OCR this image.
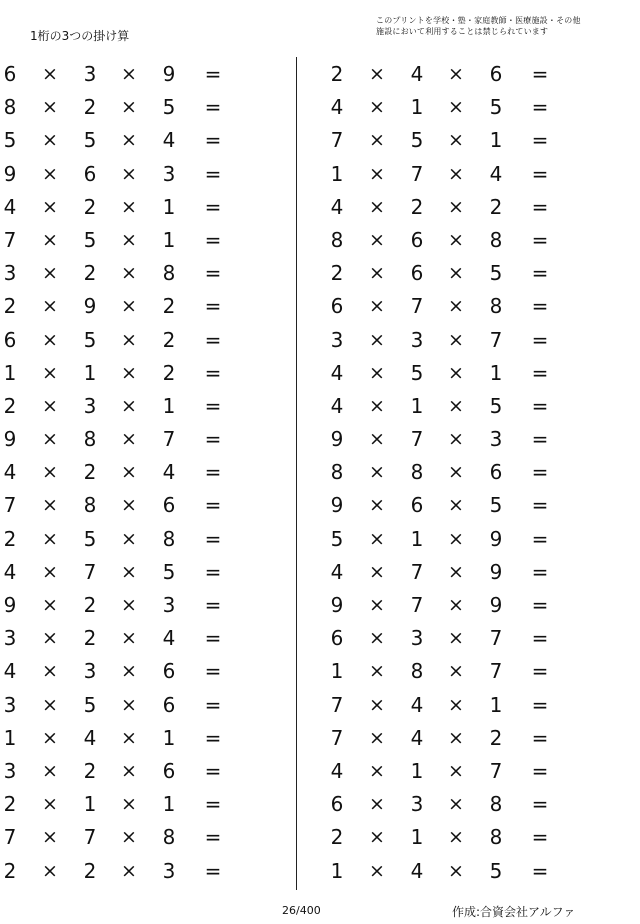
1桁の3つの掛け算
このプリントを学校・塾・家庭教師・医療施設・その他
施設において利用することは禁じられています
6 × 3 × 9 =
8 × 2 × 5 =
5 × 5 × 4 =
9 × 6 × 3 =
4 × 2 × 1 =
7 × 5 × 1 =
3 × 2 × 8 =
2 × 9 × 2 =
6 × 5 × 2 =
1 × 1 × 2 =
2 × 3 × 1 =
9 × 8 × 7 =
4 × 2 × 4 =
7 × 8 × 6 =
2 × 5 × 8 =
4 × 7 × 5 =
9 × 2 × 3 =
3 × 2 × 4 =
4 × 3 × 6 =
3 × 5 × 6 =
1 × 4 × 1 =
3 × 2 × 6 =
2 × 1 × 1 =
7 × 7 × 8 =
2 × 2 × 3 =
2 × 4 × 6 =
4 × 1 × 5 =
7 × 5 × 1 =
1 × 7 × 4 =
4 × 2 × 2 =
8 × 6 × 8 =
2 × 6 × 5 =
6 × 7 × 8 =
3 × 3 × 7 =
4 × 5 × 1 =
4 × 1 × 5 =
9 × 7 × 3 =
8 × 8 × 6 =
9 × 6 × 5 =
5 × 1 × 9 =
4 × 7 × 9 =
9 × 7 × 9 =
6 × 3 × 7 =
1 × 8 × 7 =
7 × 4 × 1 =
7 × 4 × 2 =
4 × 1 × 7 =
6 × 3 × 8 =
2 × 1 × 8 =
1 × 4 × 5 =
26/400	作成:合資会社アルファ
